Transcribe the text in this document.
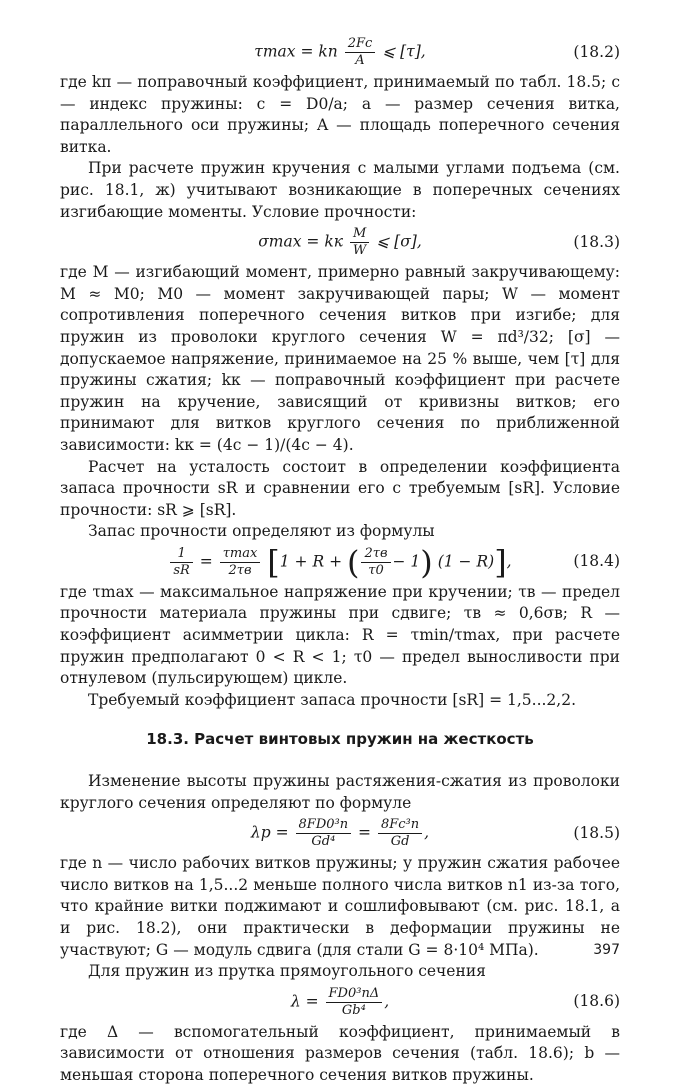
τmax = kп $\frac{2Fc}{A}$ ⩽ [τ],	(18.2)

где kп — поправочный коэффициент, принимаемый по табл. 18.5; c — индекс пружины: c = D0/a; a — размер сечения витка, параллельного оси пружины; A — площадь поперечного сечения витка.

При расчете пружин кручения с малыми углами подъема (см. рис. 18.1, ж) учитывают возникающие в поперечных сечениях изгибающие моменты. Условие прочности:

σmax = kк $\frac{M}{W}$ ⩽ [σ],	(18.3)

где M — изгибающий момент, примерно равный закручивающему: M ≈ M0; M0 — момент закручивающей пары; W — момент сопротивления поперечного сечения витков при изгибе; для пружин из проволоки круглого сечения W = πd³/32; [σ] — допускаемое напряжение, принимаемое на 25 % выше, чем [τ] для пружины сжатия; kк — поправочный коэффициент при расчете пружин на кручение, зависящий от кривизны витков; его принимают для витков круглого сечения по приближенной зависимости: kк = (4c − 1)/(4c − 4).

Расчет на усталость состоит в определении коэффициента запаса прочности sR и сравнении его с требуемым [sR]. Условие прочности: sR ⩾ [sR].

Запас прочности определяют из формулы

$\frac{1}{sR} = \tau\max$
2τв [1 + R + ( 2τв
τ0 − 1) (1 − R)],	(18.4)

где τmax — максимальное напряжение при кручении; τв — предел прочности материала пружины при сдвиге; τв ≈ 0,6σв; R — коэффициент асимметрии цикла: R = τmin/τmax, при расчете пружин предполагают 0 < R < 1; τ0 — предел выносливости при отнулевом (пульсирующем) цикле.

Требуемый коэффициент запаса прочности [sR] = 1,5...2,2.

18.3. Расчет винтовых пружин на жесткость

Изменение высоты пружины растяжения-сжатия из проволоки круглого сечения определяют по формуле

$\lambda р = \frac{\text{8FD0³n}}{\text{Gd⁴}} = \frac{\text{8Fc³n}}{Gd}$ ,	(18.5)

где n — число рабочих витков пружины; у пружин сжатия рабочее число витков на 1,5...2 меньше полного числа витков n1 из-за того, что крайние витки поджимают и сошлифовывают (см. рис. 18.1, а и рис. 18.2), они практически в деформации пружины не участвуют; G — модуль сдвига (для стали G = 8·10⁴ МПа).

Для пружин из прутка прямоугольного сечения

$\lambda = \frac{\text{FD0³nΔ}}{\text{Gb⁴}}$ ,	(18.6)

где Δ — вспомогательный коэффициент, принимаемый в зависимости от отношения размеров сечения (табл. 18.6); b — меньшая сторона поперечного сечения витков пружины.

397
